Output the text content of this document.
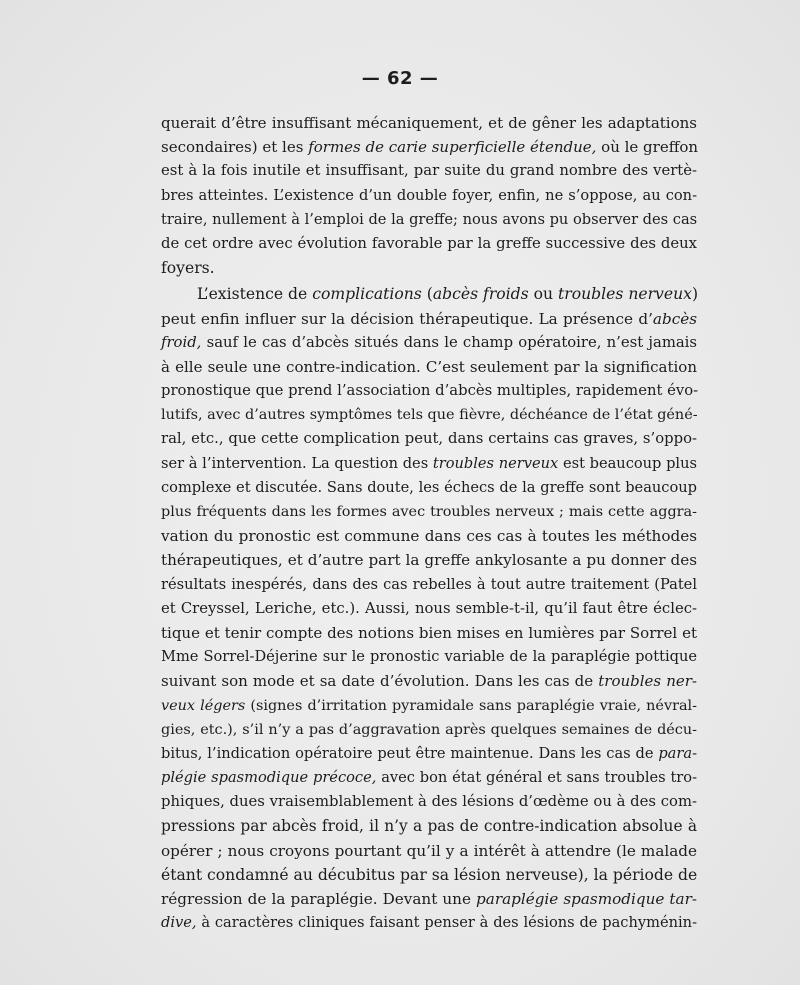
— 62 —
querait d’être insuffisant mécaniquement, et de gêner les adaptations
secondaires) et les formes de carie superficielle étendue, où le greffon
est à la fois inutile et insuffisant, par suite du grand nombre des vertè-
bres atteintes. L’existence d’un double foyer, enfin, ne s’oppose, au con-
traire, nullement à l’emploi de la greffe; nous avons pu observer des cas
de cet ordre avec évolution favorable par la greffe successive des deux
foyers.
L’existence de complications (abcès froids ou troubles nerveux)
peut enfin influer sur la décision thérapeutique. La présence d’abcès
froid, sauf le cas d’abcès situés dans le champ opératoire, n’est jamais
à elle seule une contre-indication. C’est seulement par la signification
pronostique que prend l’association d’abcès multiples, rapidement évo-
lutifs, avec d’autres symptômes tels que fièvre, déchéance de l’état géné-
ral, etc., que cette complication peut, dans certains cas graves, s’oppo-
ser à l’intervention. La question des troubles nerveux est beaucoup plus
complexe et discutée. Sans doute, les échecs de la greffe sont beaucoup
plus fréquents dans les formes avec troubles nerveux ; mais cette aggra-
vation du pronostic est commune dans ces cas à toutes les méthodes
thérapeutiques, et d’autre part la greffe ankylosante a pu donner des
résultats inespérés, dans des cas rebelles à tout autre traitement (Patel
et Creyssel, Leriche, etc.). Aussi, nous semble-t-il, qu’il faut être éclec-
tique et tenir compte des notions bien mises en lumières par Sorrel et
Mme Sorrel-Déjerine sur le pronostic variable de la paraplégie pottique
suivant son mode et sa date d’évolution. Dans les cas de troubles ner-
veux légers (signes d’irritation pyramidale sans paraplégie vraie, névral-
gies, etc.), s’il n’y a pas d’aggravation après quelques semaines de décu-
bitus, l’indication opératoire peut être maintenue. Dans les cas de para-
plégie spasmodique précoce, avec bon état général et sans troubles tro-
phiques, dues vraisemblablement à des lésions d’œdème ou à des com-
pressions par abcès froid, il n’y a pas de contre-indication absolue à
opérer ; nous croyons pourtant qu’il y a intérêt à attendre (le malade
étant condamné au décubitus par sa lésion nerveuse), la période de
régression de la paraplégie. Devant une paraplégie spasmodique tar-
dive, à caractères cliniques faisant penser à des lésions de pachyménin-
